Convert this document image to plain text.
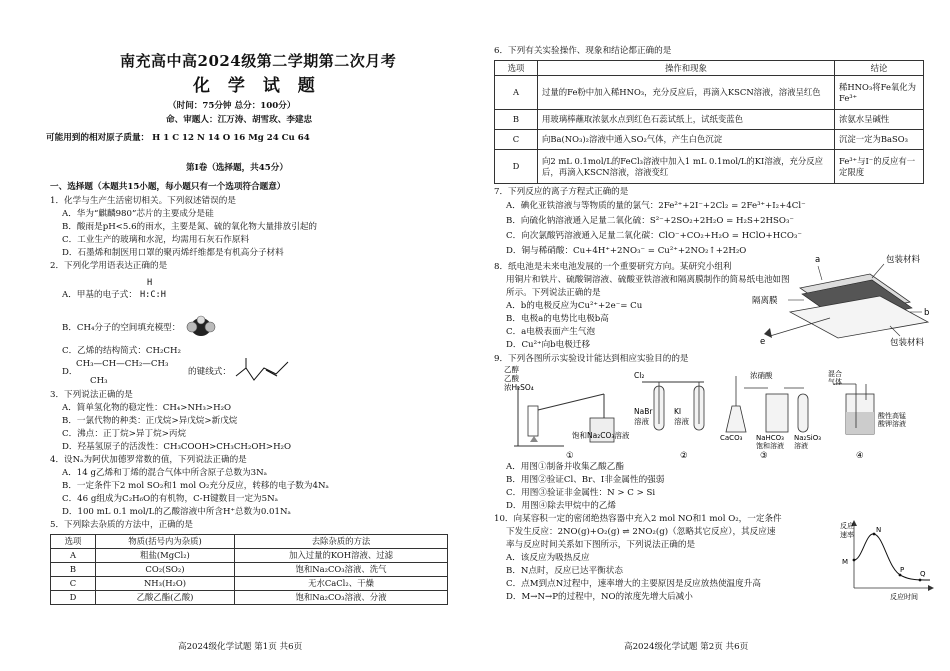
南充高中高2024级第二学期第二次月考
化 学 试 题
（时间：75分钟 总分：100分）
命、审题人：江万涛、胡雪玫、李建忠
可能用到的相对原子质量： H 1 C 12 N 14 O 16 Mg 24 Cu 64
第Ⅰ卷（选择题，共45分）
一、选择题（本题共15小题，每小题只有一个选项符合题意）
1．化学与生产生活密切相关。下列叙述错误的是
A．华为“麒麟980”芯片的主要成分是硅
B．酸雨是pH<5.6的雨水，主要是氮、硫的氧化物大量排放引起的
C．工业生产的玻璃和水泥，均需用石灰石作原料
D．石墨烯和制医用口罩的聚丙烯纤维都是有机高分子材料
2．下列化学用语表达正确的是
A．甲基的电子式： H:C:H
H
B．CH₄分子的空间填充模型：
C．乙烯的结构简式：CH₂CH₂
D．
CH₃—CH—CH₂—CH₃
CH₃
的键线式：
3．下列说法正确的是
A．简单氢化物的稳定性：CH₄>NH₃>H₂O
B．一氯代物的种类：正戊烷>异戊烷>新戊烷
C．沸点：正丁烷>异丁烷>丙烷
D．羟基氢原子的活泼性：CH₃COOH>CH₃CH₂OH>H₂O
4．设Nₐ为阿伏加德罗常数的值，下列说法正确的是
A．14 g乙烯和丁烯的混合气体中所含原子总数为3Nₐ
B．一定条件下2 mol SO₂和1 mol O₂充分反应，转移的电子数为4Nₐ
C．46 g组成为C₂H₆O的有机物，C-H键数目一定为5Nₐ
D．100 mL 0.1 mol/L的乙酸溶液中所含H⁺总数为0.01Nₐ
5．下列除去杂质的方法中，正确的是
选项	物质(括号内为杂质)	去除杂质的方法
A	粗盐(MgCl₂)	加入过量的KOH溶液、过滤
B	CO₂(SO₂)	饱和Na₂CO₃溶液、洗气
C	NH₃(H₂O)	无水CaCl₂、干燥
D	乙酸乙酯(乙酸)	饱和Na₂CO₃溶液、分液
高2024级化学试题 第1页 共6页
6．下列有关实验操作、现象和结论都正确的是
选项	操作和现象	结论
A	过量的Fe粉中加入稀HNO₃，充分反应后，再滴入KSCN溶液，溶液呈红色	稀HNO₃将Fe氧化为Fe³⁺
B	用玻璃棒蘸取浓氨水点到红色石蕊试纸上，试纸变蓝色	浓氨水呈碱性
C	向Ba(NO₃)₂溶液中通入SO₂气体，产生白色沉淀	沉淀一定为BaSO₃
D	向2 mL 0.1mol/L的FeCl₃溶液中加入1 mL 0.1mol/L的KI溶液，充分反应后，再滴入KSCN溶液，溶液变红	Fe³⁺与I⁻的反应有一定限度
7．下列反应的离子方程式正确的是
A．碘化亚铁溶液与等物质的量的氯气：2Fe²⁺+2I⁻+2Cl₂ = 2Fe³⁺+I₂+4Cl⁻
B．向硫化钠溶液通入足量二氧化硫：S²⁻+2SO₂+2H₂O = H₂S+2HSO₃⁻
C．向次氯酸钙溶液通入足量二氧化碳：ClO⁻+CO₂+H₂O = HClO+HCO₃⁻
D．铜与稀硝酸：Cu+4H⁺+2NO₃⁻ = Cu²⁺+2NO₂↑+2H₂O
8．纸电池是未来电池发展的一个重要研究方向。某研究小组利
用铜片和铁片、硫酸铜溶液、硫酸亚铁溶液和隔离膜制作的简易纸电池如图
所示。下列说法正确的是
A．b的电极反应为Cu²⁺+2e⁻= Cu
B．电极a的电势比电极b高
C．a电极表面产生气泡
D．Cu²⁺向b电极迁移
a
b
e
包装材料
包装材料
隔离膜
9．下列各图所示实验设计能达到相应实验目的的是
乙醇
乙酸
浓H₂SO₄
饱和Na₂CO₃溶液
①
Cl₂
NaBr
溶液
KI
溶液
②
浓硝酸
CaCO₃ NaHCO₃
饱和溶液
Na₂SiO₃
溶液
③
混合
气体
酸性高锰
酸钾溶液
④
A．用图①制备并收集乙酸乙酯
B．用图②验证Cl、Br、I非金属性的强弱
C．用图③验证非金属性：N > C > Si
D．用图④除去甲烷中的乙烯
10．向某容积一定的密闭绝热容器中充入2 mol NO和1 mol O₂，一定条件
下发生反应：2NO(g)+O₂(g) ⇌ 2NO₂(g)（忽略其它反应），其反应速
率与反应时间关系如下图所示，下列说法正确的是
A．该反应为吸热反应
B．N点时，反应已达平衡状态
C．点M到点N过程中，速率增大的主要原因是反应放热使温度升高
D．M→N→P的过程中，NO的浓度先增大后减小
反应
速率
M
N
P Q
反应时间
高2024级化学试题 第2页 共6页
